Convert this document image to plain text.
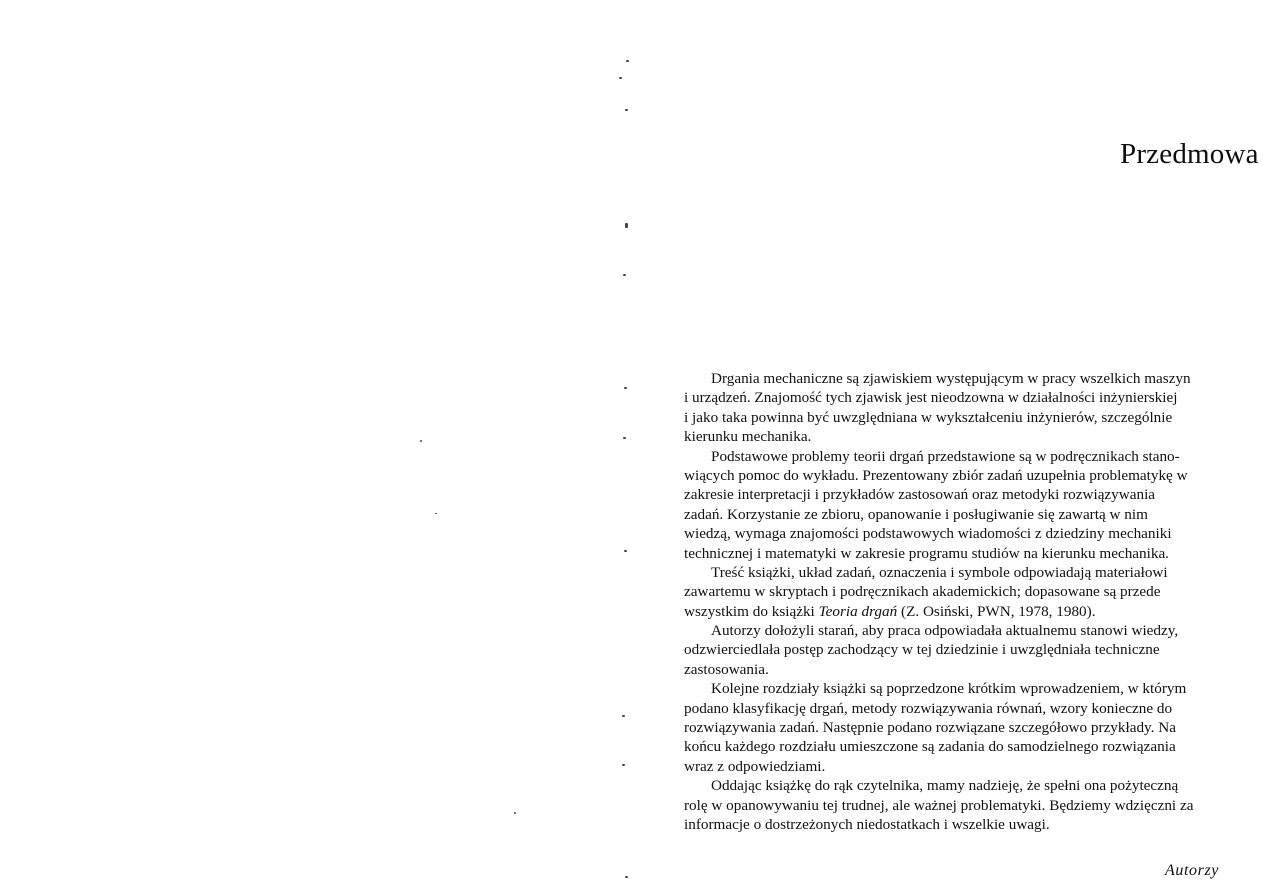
Przedmowa
Drgania mechaniczne są zjawiskiem występującym w pracy wszelkich maszyn
i urządzeń. Znajomość tych zjawisk jest nieodzowna w działalności inżynierskiej
i jako taka powinna być uwzględniana w wykształceniu inżynierów, szczególnie
kierunku mechanika.
Podstawowe problemy teorii drgań przedstawione są w podręcznikach stano-
wiących pomoc do wykładu. Prezentowany zbiór zadań uzupełnia problematykę w
zakresie interpretacji i przykładów zastosowań oraz metodyki rozwiązywania
zadań. Korzystanie ze zbioru, opanowanie i posługiwanie się zawartą w nim
wiedzą, wymaga znajomości podstawowych wiadomości z dziedziny mechaniki
technicznej i matematyki w zakresie programu studiów na kierunku mechanika.
Treść książki, układ zadań, oznaczenia i symbole odpowiadają materiałowi
zawartemu w skryptach i podręcznikach akademickich; dopasowane są przede
wszystkim do książki Teoria drgań (Z. Osiński, PWN, 1978, 1980).
Autorzy dołożyli starań, aby praca odpowiadała aktualnemu stanowi wiedzy,
odzwierciedlała postęp zachodzący w tej dziedzinie i uwzględniała techniczne
zastosowania.
Kolejne rozdziały książki są poprzedzone krótkim wprowadzeniem, w którym
podano klasyfikację drgań, metody rozwiązywania równań, wzory konieczne do
rozwiązywania zadań. Następnie podano rozwiązane szczegółowo przykłady. Na
końcu każdego rozdziału umieszczone są zadania do samodzielnego rozwiązania
wraz z odpowiedziami.
Oddając książkę do rąk czytelnika, mamy nadzieję, że spełni ona pożyteczną
rolę w opanowywaniu tej trudnej, ale ważnej problematyki. Będziemy wdzięczni za
informacje o dostrzeżonych niedostatkach i wszelkie uwagi.
Autorzy
